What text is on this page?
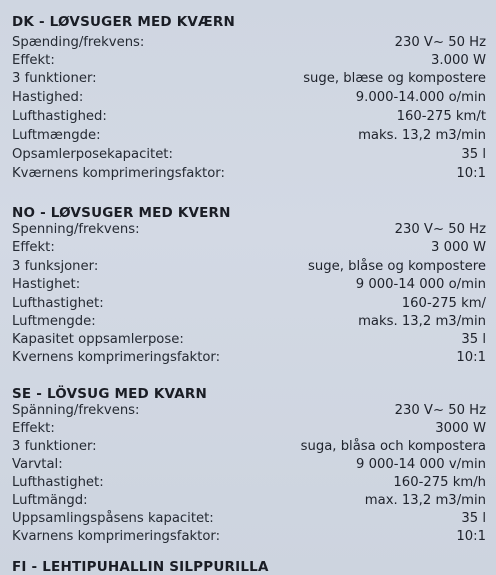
DK - LØVSUGER MED KVÆRN
Spænding/frekvens:	230 V~ 50 Hz
Effekt:	3.000 W
3 funktioner:	suge, blæse og kompostere
Hastighed:	9.000-14.000 o/min
Lufthastighed:	160-275 km/t
Luftmængde:	maks. 13,2 m3/min
Opsamlerposekapacitet:	35 l
Kværnens komprimeringsfaktor:	10:1
NO - LØVSUGER MED KVERN
Spenning/frekvens:	230 V~ 50 Hz
Effekt:	3 000 W
3 funksjoner:	suge, blåse og kompostere
Hastighet:	9 000-14 000 o/min
Lufthastighet:	160-275 km/
Luftmengde:	maks. 13,2 m3/min
Kapasitet oppsamlerpose:	35 l
Kvernens komprimeringsfaktor:	10:1
SE - LÖVSUG MED KVARN
Spänning/frekvens:	230 V~ 50 Hz
Effekt:	3000 W
3 funktioner:	suga, blåsa och kompostera
Varvtal:	9 000-14 000 v/min
Lufthastighet:	160-275 km/h
Luftmängd:	max. 13,2 m3/min
Uppsamlingspåsens kapacitet:	35 l
Kvarnens komprimeringsfaktor:	10:1
FI - LEHTIPUHALLIN SILPPURILLA
